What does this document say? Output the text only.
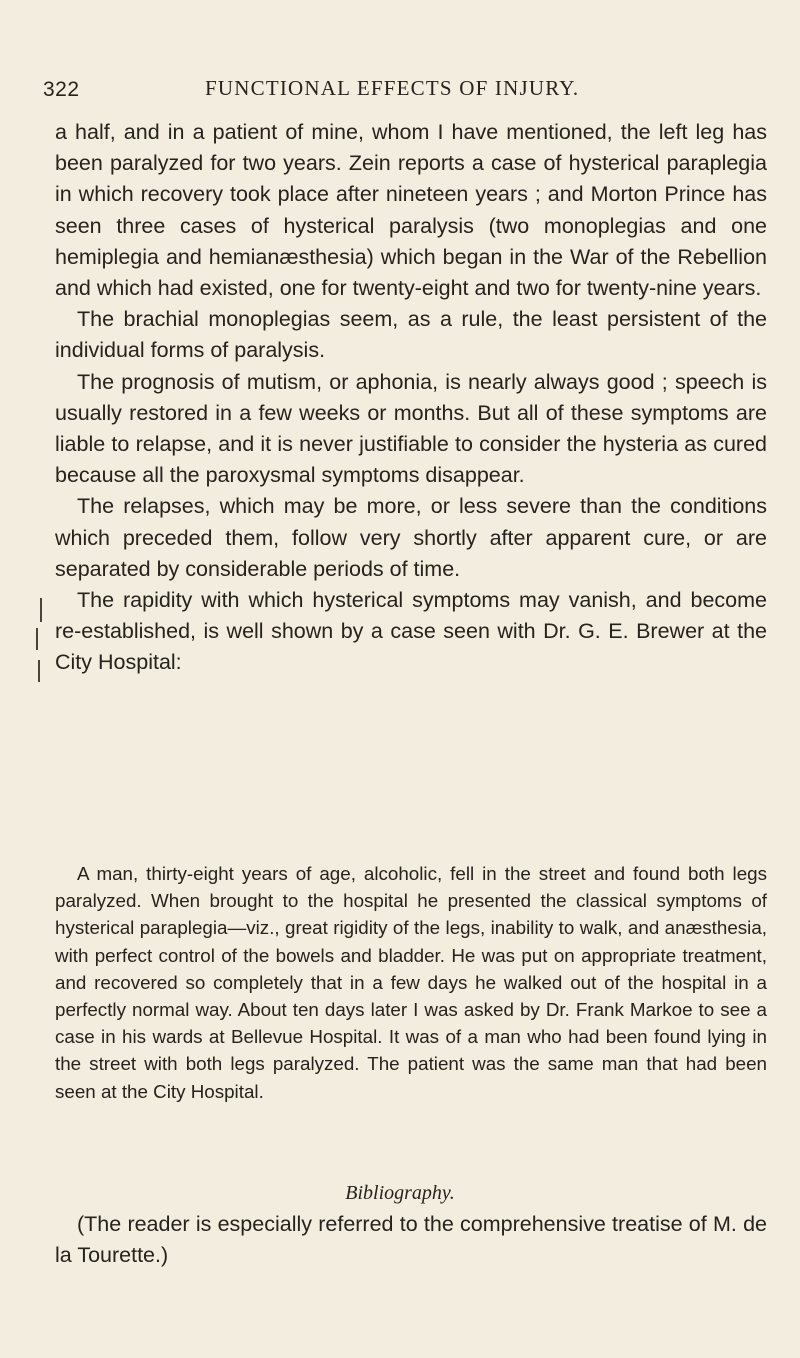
322	FUNCTIONAL EFFECTS OF INJURY.

a half, and in a patient of mine, whom I have mentioned, the left leg has been paralyzed for two years. Zein reports a case of hysterical paraplegia in which recovery took place after nineteen years ; and Morton Prince has seen three cases of hysterical paralysis (two monoplegias and one hemiplegia and hemianæsthesia) which began in the War of the Rebellion and which had existed, one for twenty-eight and two for twenty-nine years.

The brachial monoplegias seem, as a rule, the least persistent of the individual forms of paralysis.

The prognosis of mutism, or aphonia, is nearly always good ; speech is usually restored in a few weeks or months. But all of these symptoms are liable to relapse, and it is never justifiable to consider the hysteria as cured because all the paroxysmal symptoms disappear.

The relapses, which may be more, or less severe than the conditions which preceded them, follow very shortly after apparent cure, or are separated by considerable periods of time.

The rapidity with which hysterical symptoms may vanish, and become re-established, is well shown by a case seen with Dr. G. E. Brewer at the City Hospital:

A man, thirty-eight years of age, alcoholic, fell in the street and found both legs paralyzed. When brought to the hospital he presented the classical symptoms of hysterical paraplegia—viz., great rigidity of the legs, inability to walk, and anæsthesia, with perfect control of the bowels and bladder. He was put on appropriate treatment, and recovered so completely that in a few days he walked out of the hospital in a perfectly normal way. About ten days later I was asked by Dr. Frank Markoe to see a case in his wards at Bellevue Hospital. It was of a man who had been found lying in the street with both legs paralyzed. The patient was the same man that had been seen at the City Hospital.

Bibliography.

(The reader is especially referred to the comprehensive treatise of M. de la Tourette.)
